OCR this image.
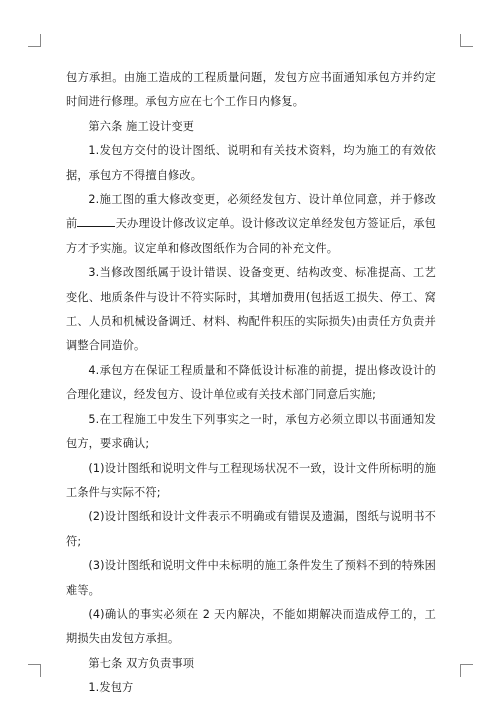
包方承担。由施工造成的工程质量问题，发包方应书面通知承包方并约定时间进行修理。承包方应在七个工作日内修复。

第六条 施工设计变更

1.发包方交付的设计图纸、说明和有关技术资料，均为施工的有效依据，承包方不得擅自修改。

2.施工图的重大修改变更，必须经发包方、设计单位同意，并于修改前	天办理设计修改议定单。设计修改议定单经发包方签证后，承包方才予实施。议定单和修改图纸作为合同的补充文件。

3.当修改图纸属于设计错误、设备变更、结构改变、标准提高、工艺变化、地质条件与设计不符实际时，其增加费用(包括返工损失、停工、窝工、人员和机械设备调迁、材料、构配件积压的实际损失)由责任方负责并调整合同造价。

4.承包方在保证工程质量和不降低设计标准的前提，提出修改设计的合理化建议，经发包方、设计单位或有关技术部门同意后实施;

5.在工程施工中发生下列事实之一时，承包方必须立即以书面通知发包方，要求确认;

(1)设计图纸和说明文件与工程现场状况不一致，设计文件所标明的施工条件与实际不符;

(2)设计图纸和设计文件表示不明确或有错误及遗漏，图纸与说明书不符;

(3)设计图纸和说明文件中未标明的施工条件发生了预料不到的特殊困难等。

(4)确认的事实必须在 2 天内解决，不能如期解决而造成停工的，工期损失由发包方承担。

第七条 双方负责事项

1.发包方
